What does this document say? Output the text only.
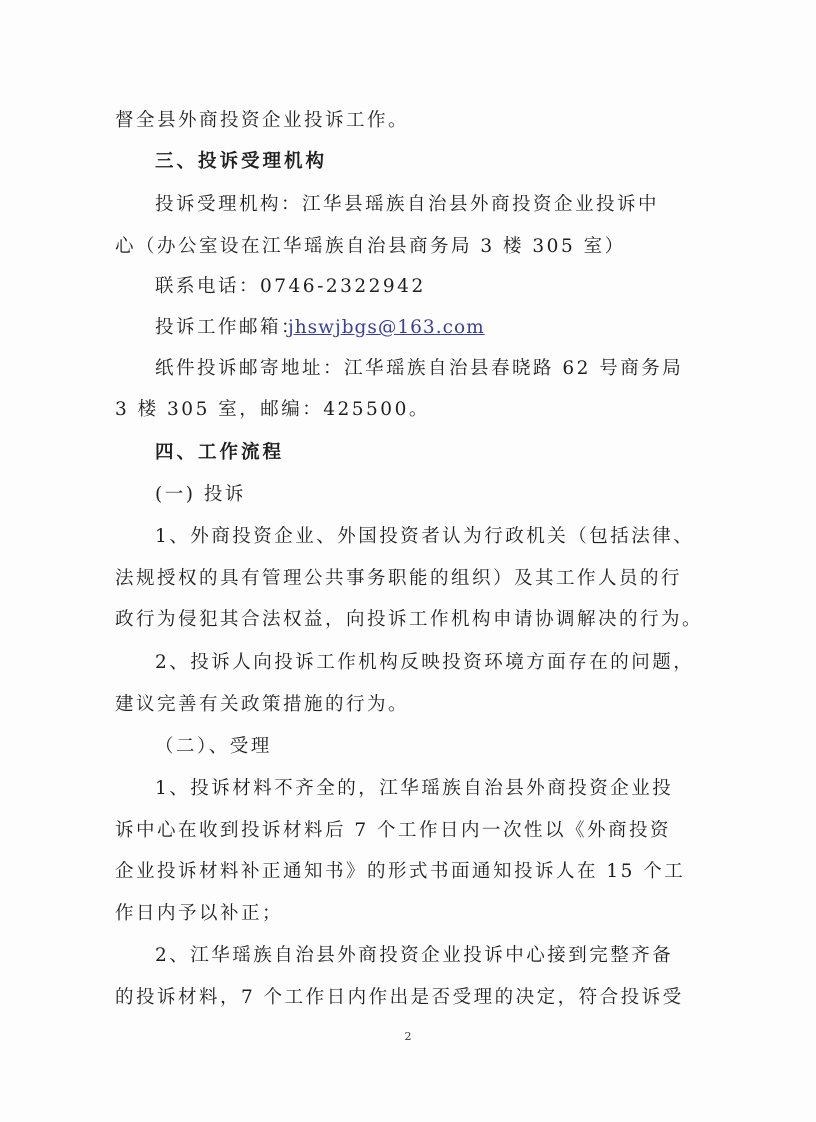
督全县外商投资企业投诉工作。
三、投诉受理机构
投诉受理机构：江华县瑶族自治县外商投资企业投诉中
心（办公室设在江华瑶族自治县商务局 3 楼 305 室）
联系电话：0746-2322942
投诉工作邮箱：
jhswjbgs@163.com
纸件投诉邮寄地址：江华瑶族自治县春晓路 62 号商务局
3 楼 305 室，邮编：425500。
四、工作流程
(一) 投诉
1、外商投资企业、外国投资者认为行政机关（包括法律、
法规授权的具有管理公共事务职能的组织）及其工作人员的行
政行为侵犯其合法权益，向投诉工作机构申请协调解决的行为。
2、投诉人向投诉工作机构反映投资环境方面存在的问题，
建议完善有关政策措施的行为。
（二）、受理
1、投诉材料不齐全的，江华瑶族自治县外商投资企业投
诉中心在收到投诉材料后 7 个工作日内一次性以《外商投资
企业投诉材料补正通知书》的形式书面通知投诉人在 15 个工
作日内予以补正；
2、江华瑶族自治县外商投资企业投诉中心接到完整齐备
的投诉材料，7 个工作日内作出是否受理的决定，符合投诉受
2
